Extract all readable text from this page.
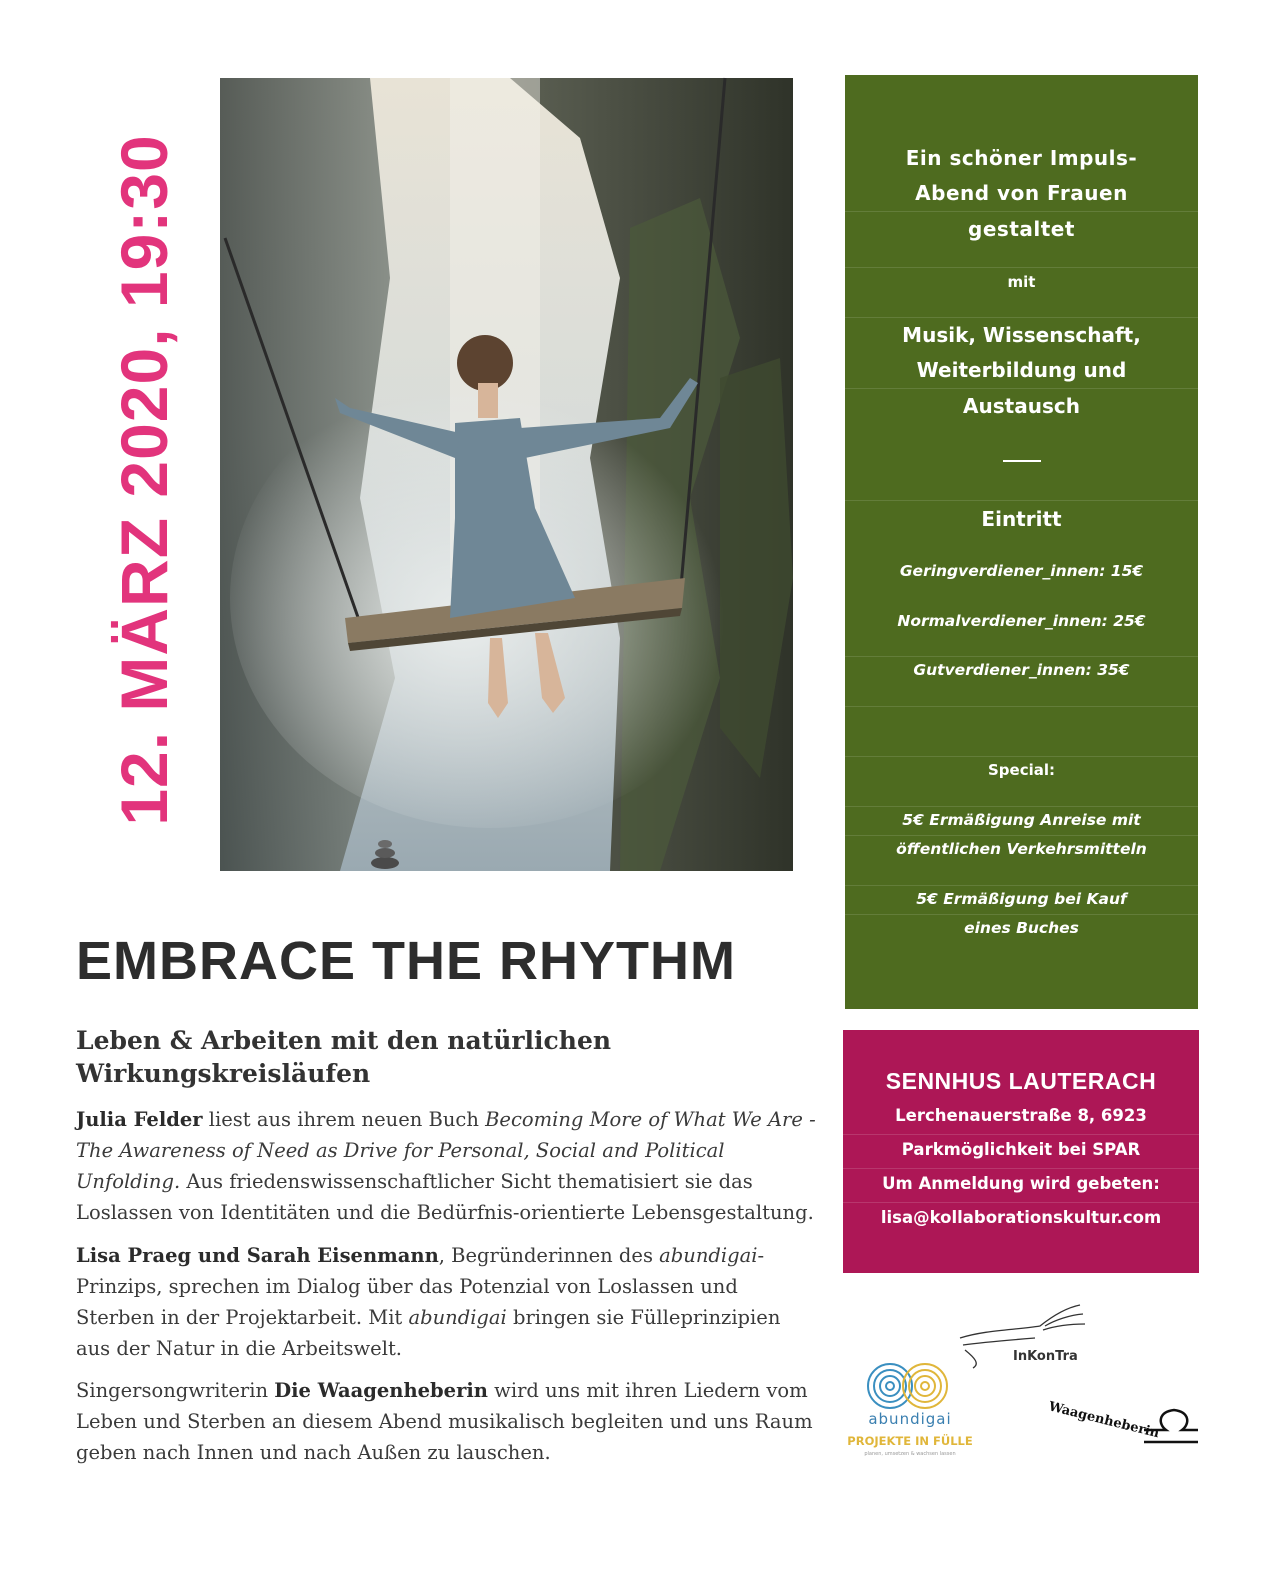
12. MÄRZ 2020, 19:30	Ein schöner Impuls-
Abend von Frauen
gestaltet
mit
Musik, Wissenschaft,
Weiterbildung und
Austausch
Eintritt
Geringverdiener_innen: 15€
Normalverdiener_innen: 25€
Gutverdiener_innen: 35€
Special:
5€ Ermäßigung Anreise mit
öffentlichen Verkehrsmitteln
5€ Ermäßigung bei Kauf
eines Buches
SENNHUS LAUTERACH
Lerchenauerstraße 8, 6923
Parkmöglichkeit bei SPAR
Um Anmeldung wird gebeten:
lisa@kollaborationskultur.com
EMBRACE THE RHYTHM
Leben & Arbeiten mit den natürlichen
Wirkungskreisläufen
Julia Felder liest aus ihrem neuen Buch Becoming More of What We Are - The Awareness of Need as Drive for Personal, Social and Political Unfolding. Aus friedenswissenschaftlicher Sicht thematisiert sie das Loslassen von Identitäten und die Bedürfnis-orientierte Lebensgestaltung.
Lisa Praeg und Sarah Eisenmann, Begründerinnen des abundigai-Prinzips, sprechen im Dialog über das Potenzial von Loslassen und Sterben in der Projektarbeit. Mit abundigai bringen sie Fülleprinzipien aus der Natur in die Arbeitswelt.
Singersongwriterin Die Waagenheberin wird uns mit ihren Liedern vom Leben und Sterben an diesem Abend musikalisch begleiten und uns Raum geben nach Innen und nach Außen zu lauschen.
InKonTra
abundigai
PROJEKTE IN FÜLLE
planen, umsetzen & wachsen lassen
Waagenheberin
